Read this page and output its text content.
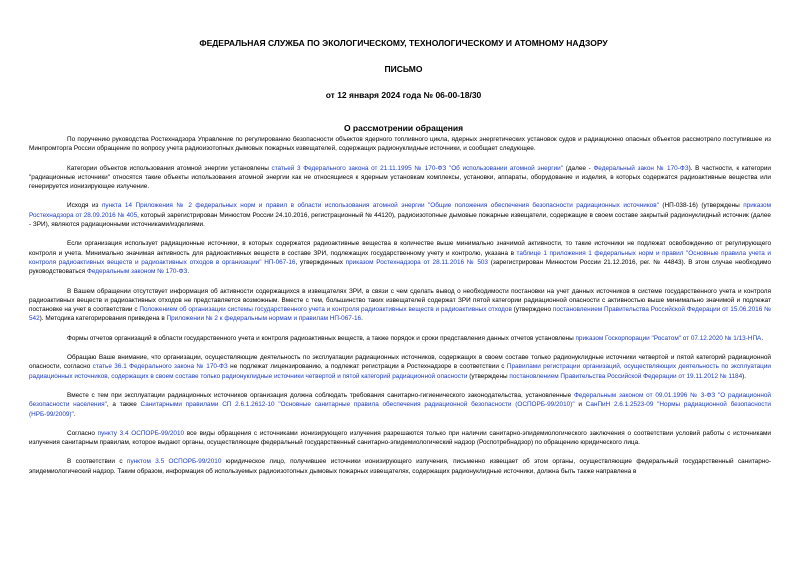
ФЕДЕРАЛЬНАЯ СЛУЖБА ПО ЭКОЛОГИЧЕСКОМУ, ТЕХНОЛОГИЧЕСКОМУ И АТОМНОМУ НАДЗОРУ

ПИСЬМО

от 12 января 2024 года № 06-00-18/30

О рассмотрении обращения

По поручению руководства Ростехнадзора Управление по регулированию безопасности объектов ядерного топливного цикла, ядерных энергетических установок судов и радиационно опасных объектов рассмотрело поступившее из Минпромторга России обращение по вопросу учета радиоизотопных дымовых пожарных извещателей, содержащих радионуклидные источники, и сообщает следующее.

Категории объектов использования атомной энергии установлены статьей 3 Федерального закона от 21.11.1995 № 170-ФЗ "Об использовании атомной энергии" (далее - Федеральный закон № 170-ФЗ). В частности, к категории "радиационные источники" относятся такие объекты использования атомной энергии как не относящиеся к ядерным установкам комплексы, установки, аппараты, оборудование и изделия, в которых содержатся радиоактивные вещества или генерируется ионизирующее излучение.

Исходя из пункта 14 Приложения № 2 федеральных норм и правил в области использования атомной энергии "Общие положения обеспечения безопасности радиационных источников" (НП-038-16) (утверждены приказом Ростехнадзора от 28.09.2016 № 405, который зарегистрирован Минюстом России 24.10.2016, регистрационный № 44120), радиоизотопные дымовые пожарные извещатели, содержащие в своем составе закрытый радионуклидный источник (далее - ЗРИ), являются радиационными источниками/изделиями.

Если организация использует радиационные источники, в которых содержатся радиоактивные вещества в количестве выше минимально значимой активности, то такие источники не подлежат освобождению от регулирующего контроля и учета. Минимально значимая активность для радиоактивных веществ в составе ЗРИ, подлежащих государственному учету и контролю, указана в таблице 1 приложения 1 федеральных норм и правил "Основные правила учета и контроля радиоактивных веществ и радиоактивных отходов в организации" НП-067-16, утвержденных приказом Ростехнадзора от 28.11.2016 № 503 (зарегистрирован Минюстом России 21.12.2016, рег. № 44843). В этом случае необходимо руководствоваться Федеральным законом № 170-ФЗ.

В Вашем обращении отсутствует информация об активности содержащихся в извещателях ЗРИ, в связи с чем сделать вывод о необходимости постановки на учет данных источников в системе государственного учета и контроля радиоактивных веществ и радиоактивных отходов не представляется возможным. Вместе с тем, большинство таких извещателей содержат ЗРИ пятой категории радиационной опасности с активностью выше минимально значимой и подлежат постановке на учет в соответствии с Положением об организации системы государственного учета и контроля радиоактивных веществ и радиоактивных отходов (утверждено постановлением Правительства Российской Федерации от 15.06.2016 № 542). Методика категорирования приведена в Приложении № 2 к федеральным нормам и правилам НП-067-16.

Формы отчетов организаций в области государственного учета и контроля радиоактивных веществ, а также порядок и сроки представления данных отчетов установлены приказом Госкорпорации "Росатом" от 07.12.2020 № 1/13-НПА.

Обращаю Ваше внимание, что организации, осуществляющие деятельность по эксплуатации радиационных источников, содержащих в своем составе только радионуклидные источники четвертой и пятой категорий радиационной опасности, согласно статье 36.1 Федерального закона № 170-ФЗ не подлежат лицензированию, а подлежат регистрации в Ростехнадзоре в соответствии с Правилами регистрации организаций, осуществляющих деятельность по эксплуатации радиационных источников, содержащих в своем составе только радионуклидные источники четвертой и пятой категорий радиационной опасности (утверждены постановлением Правительства Российской Федерации от 19.11.2012 № 1184).

Вместе с тем при эксплуатации радиационных источников организация должна соблюдать требования санитарно-гигиенического законодательства, установленные Федеральным законом от 09.01.1996 № 3-ФЗ "О радиационной безопасности населения", а также Санитарными правилами СП 2.6.1.2612-10 "Основные санитарные правила обеспечения радиационной безопасности (ОСПОРБ-99/2010)" и СанПиН 2.6.1.2523-09 "Нормы радиационной безопасности (НРБ-99/2009)".

Согласно пункту 3.4 ОСПОРБ-99/2010 все виды обращения с источниками ионизирующего излучения разрешаются только при наличии санитарно-эпидемиологического заключения о соответствии условий работы с источниками излучения санитарным правилам, которое выдают органы, осуществляющие федеральный государственный санитарно-эпидемиологический надзор (Роспотребнадзор) по обращению юридического лица.

В соответствии с пунктом 3.5 ОСПОРБ-99/2010 юридическое лицо, получившее источники ионизирующего излучения, письменно извещает об этом органы, осуществляющие федеральный государственный санитарно-эпидемиологический надзор. Таким образом, информация об используемых радиоизотопных дымовых пожарных извещателях, содержащих радионуклидные источники, должна быть также направлена в
